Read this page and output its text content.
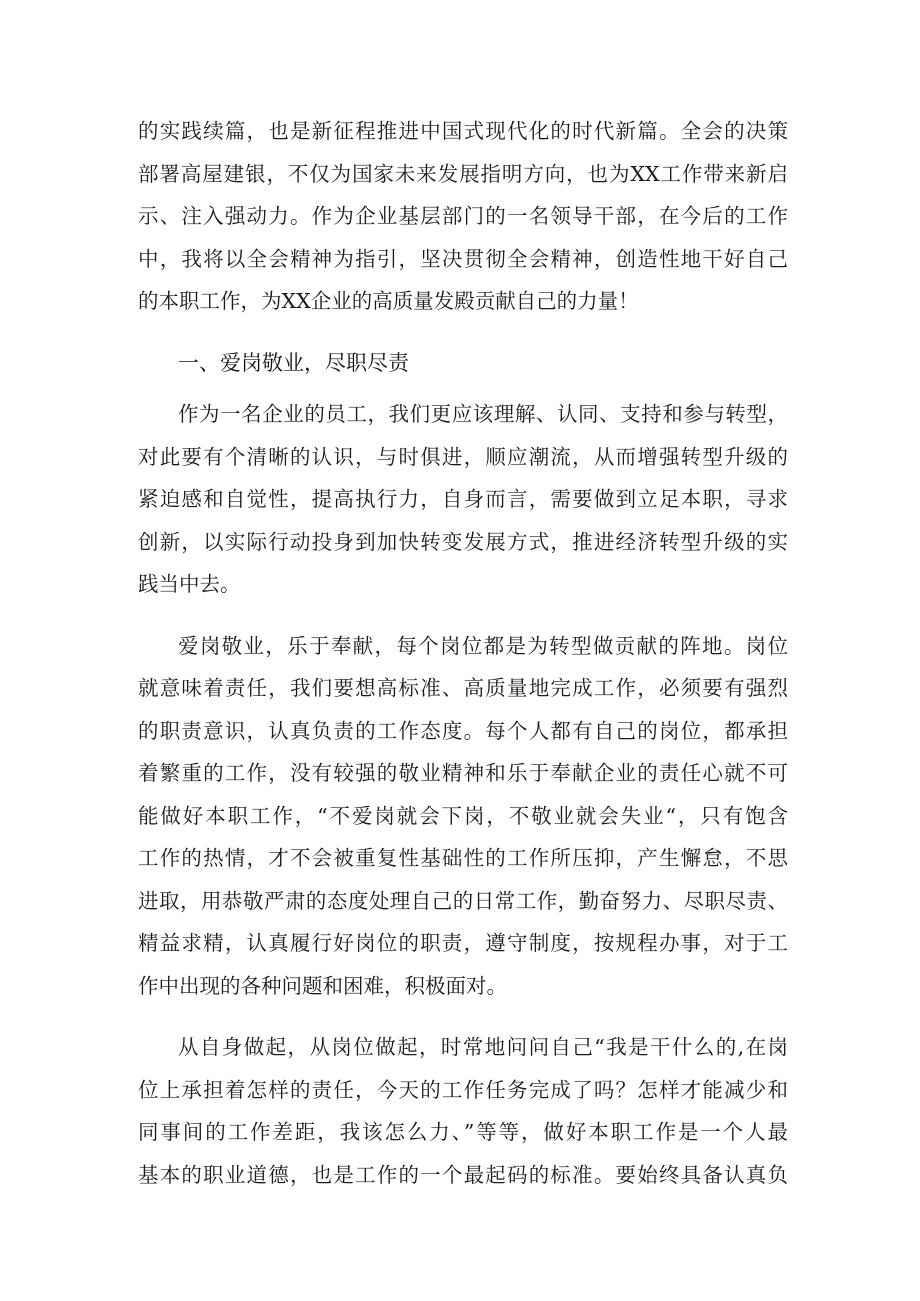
的实践续篇，也是新征程推进中国式现代化的时代新篇。全会的决策
部署高屋建银，不仅为国家未来发展指明方向，也为XX工作带来新启
示、注入强动力。作为企业基层部门的一名领导干部，在今后的工作
中，我将以全会精神为指引，坚决贯彻全会精神，创造性地干好自己
的本职工作，为XX企业的高质量发殿贡献自己的力量！
一、爱岗敬业，尽职尽责
作为一名企业的员工，我们更应该理解、认同、支持和参与转型，
对此要有个清晰的认识，与时俱进，顺应潮流，从而增强转型升级的
紧迫感和自觉性，提高执行力，自身而言，需要做到立足本职，寻求
创新，以实际行动投身到加快转变发展方式，推进经济转型升级的实
践当中去。
爱岗敬业，乐于奉献，每个岗位都是为转型做贡献的阵地。岗位
就意味着责任，我们要想高标准、高质量地完成工作，必须要有强烈
的职责意识，认真负责的工作态度。每个人都有自己的岗位，都承担
着繁重的工作，没有较强的敬业精神和乐于奉献企业的责任心就不可
能做好本职工作，“不爱岗就会下岗，不敬业就会失业“，只有饱含
工作的热情，才不会被重复性基础性的工作所压抑，产生懈怠，不思
进取，用恭敬严肃的态度处理自己的日常工作，勤奋努力、尽职尽责、
精益求精，认真履行好岗位的职责，遵守制度，按规程办事，对于工
作中出现的各种问题和困难，积极面对。
从自身做起，从岗位做起，时常地问问自己“我是干什么的,在岗
位上承担着怎样的责任，今天的工作任务完成了吗？怎样才能减少和
同事间的工作差距，我该怎么力、”等等，做好本职工作是一个人最
基本的职业道德，也是工作的一个最起码的标准。要始终具备认真负
